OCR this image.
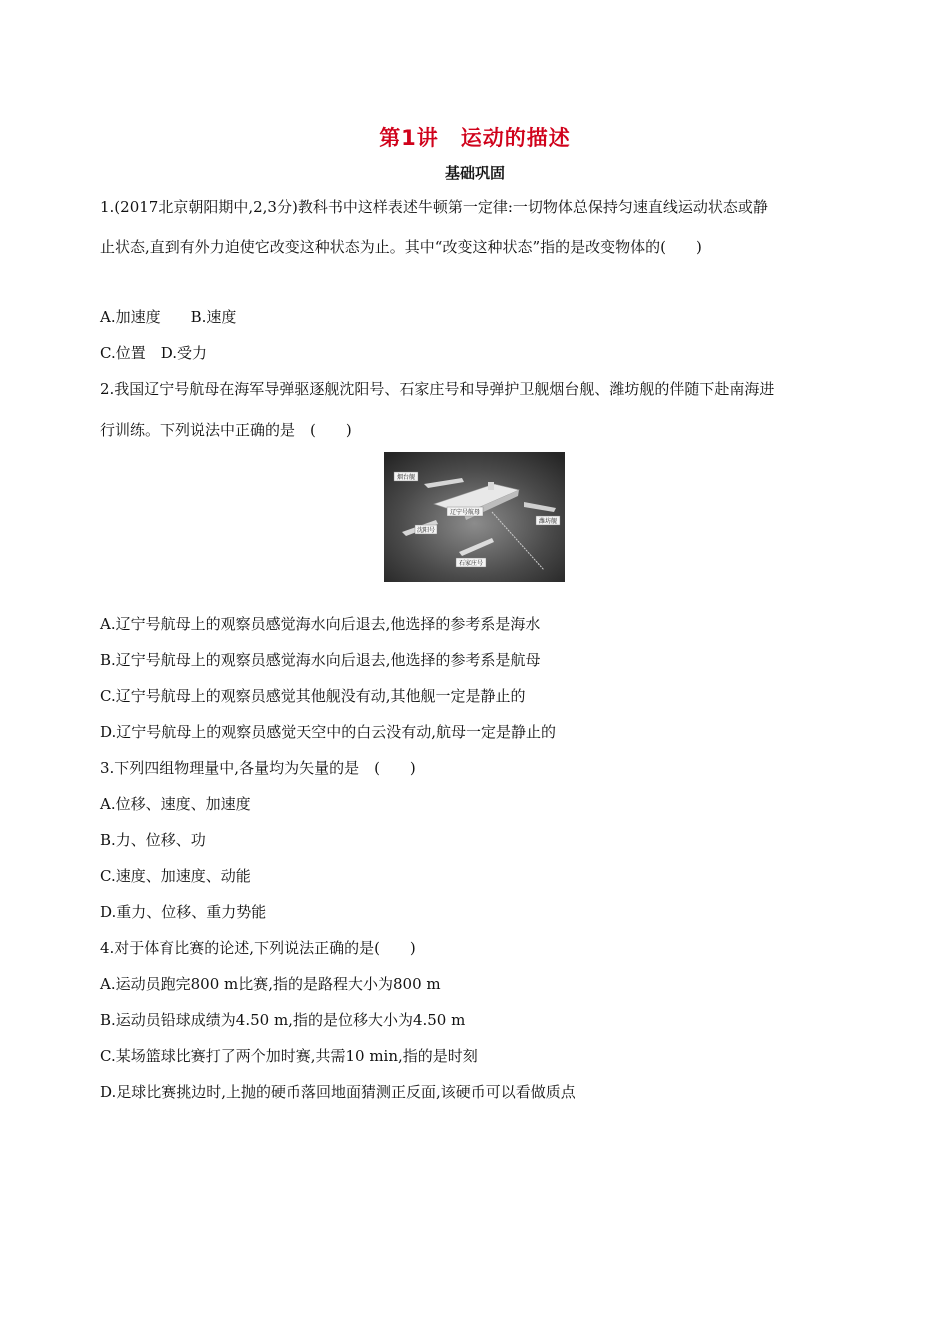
第1讲　运动的描述
基础巩固
1.(2017北京朝阳期中,2,3分)教科书中这样表述牛顿第一定律:一切物体总保持匀速直线运动状态或静
止状态,直到有外力迫使它改变这种状态为止。其中“改变这种状态”指的是改变物体的(　　)
A.加速度　　B.速度
C.位置　D.受力
2.我国辽宁号航母在海军导弹驱逐舰沈阳号、石家庄号和导弹护卫舰烟台舰、潍坊舰的伴随下赴南海进
行训练。下列说法中正确的是　(　　)
烟台舰
辽宁号航母
沈阳号
潍坊舰
石家庄号
A.辽宁号航母上的观察员感觉海水向后退去,他选择的参考系是海水
B.辽宁号航母上的观察员感觉海水向后退去,他选择的参考系是航母
C.辽宁号航母上的观察员感觉其他舰没有动,其他舰一定是静止的
D.辽宁号航母上的观察员感觉天空中的白云没有动,航母一定是静止的
3.下列四组物理量中,各量均为矢量的是　(　　)
A.位移、速度、加速度
B.力、位移、功
C.速度、加速度、动能
D.重力、位移、重力势能
4.对于体育比赛的论述,下列说法正确的是(　　)
A.运动员跑完800 m比赛,指的是路程大小为800 m
B.运动员铅球成绩为4.50 m,指的是位移大小为4.50 m
C.某场篮球比赛打了两个加时赛,共需10 min,指的是时刻
D.足球比赛挑边时,上抛的硬币落回地面猜测正反面,该硬币可以看做质点
